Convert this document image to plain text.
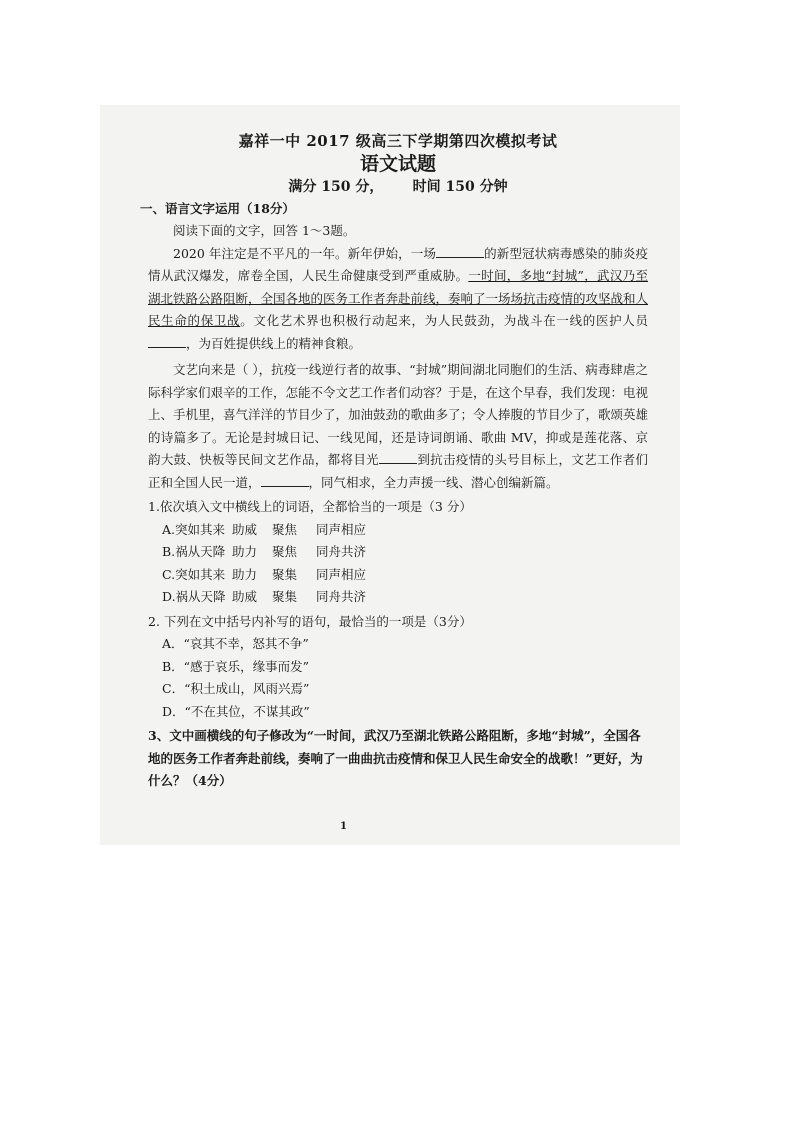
嘉祥一中 2017 级高三下学期第四次模拟考试
语文试题
满分 150 分，      时间 150 分钟
一、语言文字运用（18分）

阅读下面的文字，回答 1～3题。

2020 年注定是不平凡的一年。新年伊始，一场	的新型冠状病毒感染的肺炎疫情从武汉爆发，席卷全国，人民生命健康受到严重威胁。一时间，多地“封城”，武汉乃至湖北铁路公路阻断，全国各地的医务工作者奔赴前线，奏响了一场场抗击疫情的攻坚战和人民生命的保卫战。文化艺术界也积极行动起来，为人民鼓劲，为战斗在一线的医护人员，为百姓提供线上的精神食粮。

文艺向来是（ ），抗疫一线逆行者的故事、“封城”期间湖北同胞们的生活、病毒肆虐之际科学家们艰辛的工作，怎能不令文艺工作者们动容？于是，在这个早春，我们发现：电视上、手机里，喜气洋洋的节目少了，加油鼓劲的歌曲多了；令人捧腹的节目少了，歌颂英雄的诗篇多了。无论是封城日记、一线见闻，还是诗词朗诵、歌曲 MV，抑或是莲花落、京韵大鼓、快板等民间文艺作品，都将目光	到抗击疫情的头号目标上，文艺工作者们正和全国人民一道，	，同气相求，全力声援一线、潜心创编新篇。

1.依次填入文中横线上的词语，全都恰当的一项是（3 分）
A.突如其来 助威	聚焦	同声相应
B.祸从天降 助力	聚焦	同舟共济
C.突如其来 助力	聚集	同声相应
D.祸从天降 助威	聚集	同舟共济
2. 下列在文中括号内补写的语句，最恰当的一项是（3分）
A．“哀其不幸，怒其不争”
B．“感于哀乐，缘事而发”
C．“积土成山，风雨兴焉”
D．“不在其位，不谋其政”
3、文中画横线的句子修改为“一时间，武汉乃至湖北铁路公路阻断，多地“封城”，全国各地的医务工作者奔赴前线，奏响了一曲曲抗击疫情和保卫人民生命安全的战歌！”更好，为什么？（4分）
1
